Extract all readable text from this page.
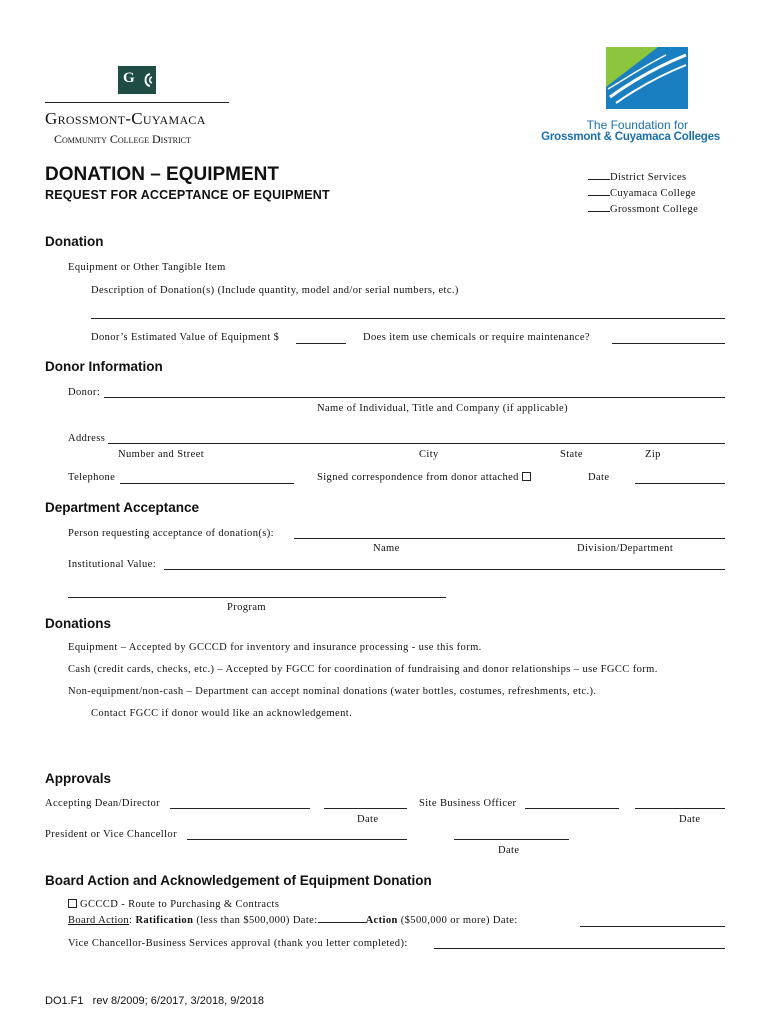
G
Grossmont-Cuyamaca
Community College District
The Foundation for
Grossmont & Cuyamaca Colleges
DONATION – EQUIPMENT
REQUEST FOR ACCEPTANCE OF EQUIPMENT
District Services
Cuyamaca College
Grossmont College
Donation
Equipment or Other Tangible Item
Description of Donation(s) (Include quantity, model and/or serial numbers, etc.)
Donor’s Estimated Value of Equipment $	Does item use chemicals or require maintenance?
Donor Information
Donor:
Name of Individual, Title and Company (if applicable)
Address
Number and Street	City	State	Zip
Telephone	Signed correspondence from donor attached	Date
Department Acceptance
Person requesting acceptance of donation(s):
Name	Division/Department
Institutional Value:
Program
Donations
Equipment – Accepted by GCCCD for inventory and insurance processing - use this form.
Cash (credit cards, checks, etc.) – Accepted by FGCC for coordination of fundraising and donor relationships – use FGCC form.
Non-equipment/non-cash – Department can accept nominal donations (water bottles, costumes, refreshments, etc.).
Contact FGCC if donor would like an acknowledgement.
Approvals
Accepting Dean/Director
Date
Site Business Officer
Date
President or Vice Chancellor
Date
Board Action and Acknowledgement of Equipment Donation
GCCCD - Route to Purchasing & Contracts
Board Action: Ratification (less than $500,000) Date:	Action ($500,000 or more) Date:
Vice Chancellor-Business Services approval (thank you letter completed):
DO1.F1   rev 8/2009; 6/2017, 3/2018, 9/2018
